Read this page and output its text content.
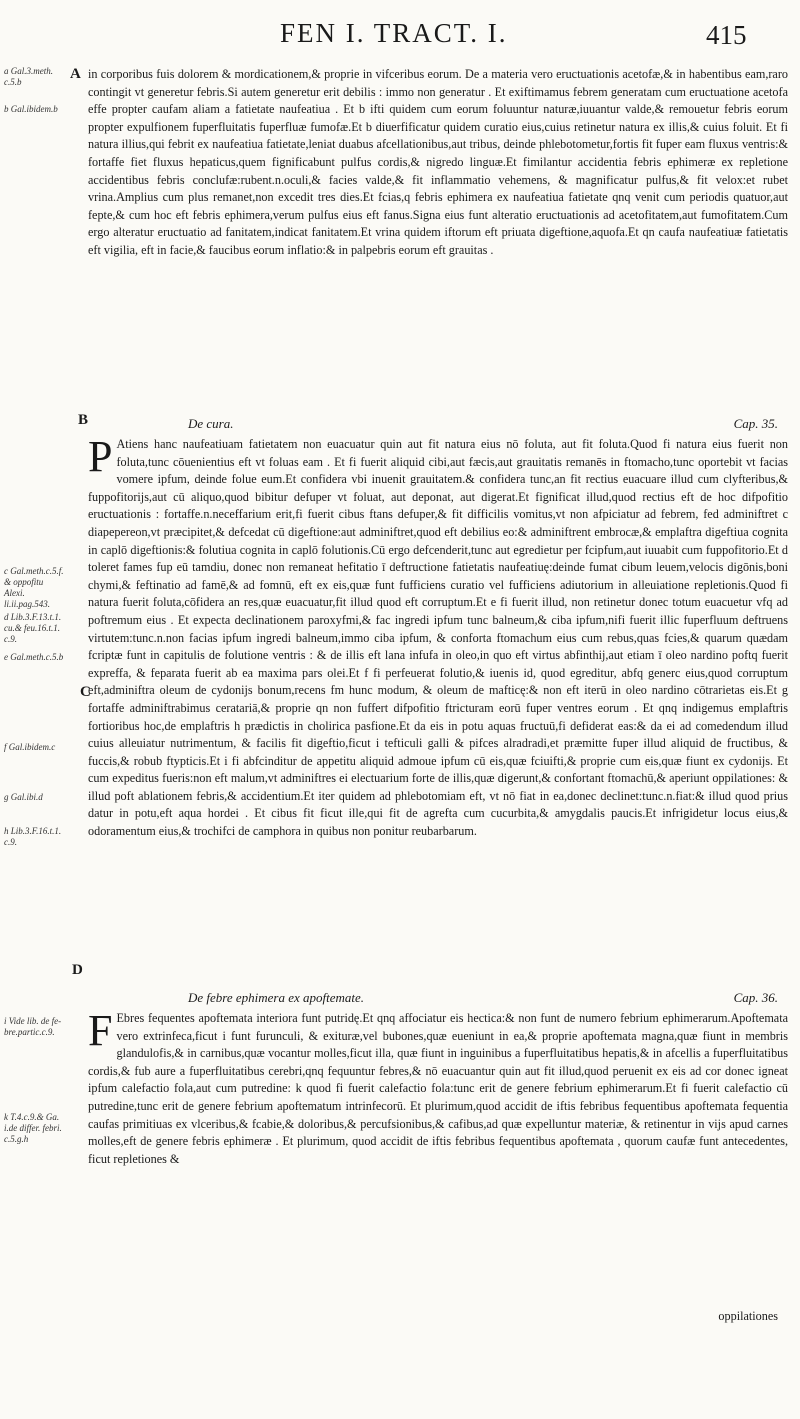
FEN I. TRACT. I.	415
a Gal.3.meth. c.5.b
b Gal.ibidem.b
c Gal.meth.c.5.f. & oppofitu Alexi. li.ii.pag.543.
d Lib.3.F.13.t.1. cu.& feu.16.t.1. c.9.
e Gal.meth.c.5.b
f Gal.ibidem.c
g Gal.ibi.d
h Lib.3.F.16.t.1. c.9.
i Vide lib. de fe- bre.partic.c.9.
k T.4.c.9.& Ga. i.de differ. febri. c.5.g.h
A
B
C
D
in corporibus fuis dolorem & mordicationem,& proprie in vifceribus eorum. De a materia vero eructuationis acetofæ,& in habentibus eam,raro contingit vt generetur febris.Si autem generetur erit debilis : immo non generatur . Et exiftimamus febrem generatam cum eructuatione acetofa effe propter caufam aliam a fatietate naufeatiua . Et b ifti quidem cum eorum foluuntur naturæ,iuuantur valde,& remouetur febris eorum propter expulfionem fuperfluitatis fuperfluæ fumofæ.Et b diuerfificatur quidem curatio eius,cuius retinetur natura ex illis,& cuius foluit. Et fi natura illius,qui febrit ex naufeatiua fatietate,leniat duabus afcellationibus,aut tribus, deinde phlebotometur,fortis fit fuper eam fluxus ventris:& fortaffe fiet fluxus hepaticus,quem fignificabunt pulfus cordis,& nigredo linguæ.Et fimilantur accidentia febris ephimeræ ex repletione accidentibus febris conclufæ:rubent.n.oculi,& facies valde,& fit inflammatio vehemens, & magnificatur pulfus,& fit velox:et rubet vrina.Amplius cum plus remanet,non excedit tres dies.Et fcias,q febris ephimera ex naufeatiua fatietate qnq venit cum periodis quatuor,aut fepte,& cum hoc eft febris ephimera,verum pulfus eius eft fanus.Signa eius funt alteratio eructuationis ad acetofitatem,aut fumofitatem.Cum ergo alteratur eructuatio ad fanitatem,indicat fanitatem.Et vrina quidem iftorum eft priuata digeftione,aquofa.Et qn caufa naufeatiuæ fatietatis eft vigilia, eft in facie,& faucibus eorum inflatio:& in palpebris eorum eft grauitas .
De cura.	Cap. 35.
P Atiens hanc naufeatiuam fatietatem non euacuatur quin aut fit natura eius nō foluta, aut fit foluta.Quod fi natura eius fuerit non foluta,tunc cōuenientius eft vt foluas eam . Et fi fuerit aliquid cibi,aut fæcis,aut grauitatis remanēs in ftomacho,tunc oportebit vt facias vomere ipfum, deinde folue eum.Et confidera vbi inuenit grauitatem.& confidera tunc,an fit rectius euacuare illud cum clyfteribus,& fuppofitorijs,aut cū aliquo,quod bibitur defuper vt foluat, aut deponat, aut digerat.Et fignificat illud,quod rectius eft de hoc difpofitio eructuationis : fortaffe.n.neceffarium erit,fi fuerit cibus ftans defuper,& fit difficilis vomitus,vt non afpiciatur ad febrem, fed adminiftret c diapepereon,vt præcipitet,& defcedat cū digeftione:aut adminiftret,quod eft debilius eo:& adminiftrent embrocæ,& emplaftra digeftiua cognita in caplō digeftionis:& folutiua cognita in caplō folutionis.Cū ergo defcenderit,tunc aut egredietur per fcipfum,aut iuuabit cum fuppofitorio.Et d toleret fames fup eū tamdiu, donec non remaneat hefitatio ī deftructione fatietatis naufeatiuę:deinde fumat cibum leuem,velocis digōnis,boni chymi,& feftinatio ad famē,& ad fomnū, eft ex eis,quæ funt fufficiens curatio vel fufficiens adiutorium in alleuiatione repletionis.Quod fi natura fuerit foluta,cōfidera an res,quæ euacuatur,fit illud quod eft corruptum.Et e fi fuerit illud, non retinetur donec totum euacuetur vfq ad poftremum eius . Et expecta declinationem paroxyfmi,& fac ingredi ipfum tunc balneum,& ciba ipfum,nifi fuerit illic fuperfluum deftruens virtutem:tunc.n.non facias ipfum ingredi balneum,immo ciba ipfum, & conforta ftomachum eius cum rebus,quas fcies,& quarum quædam fcriptæ funt in capitulis de folutione ventris : & de illis eft lana infufa in oleo,in quo eft virtus abfinthij,aut etiam ī oleo nardino poftq fuerit expreffa, & feparata fuerit ab ea maxima pars olei.Et f fi perfeuerat folutio,& iuenis id, quod egreditur, abfq generc eius,quod corruptum eft,adminiftra oleum de cydonijs bonum,recens fm hunc modum, & oleum de mafticę:& non eft iterū in oleo nardino cōtrarietas eis.Et g fortaffe adminiftrabimus ceratariā,& proprie qn non fuffert difpofitio ftricturam eorū fuper ventres eorum . Et qnq indigemus emplaftris fortioribus hoc,de emplaftris h prædictis in cholirica pasfione.Et da eis in potu aquas fructuū,fi defiderat eas:& da ei ad comedendum illud cuius alleuiatur nutrimentum, & facilis fit digeftio,ficut i tefticuli galli & pifces alradradi,et præmitte fuper illud aliquid de fructibus, & fuccis,& robub ftypticis.Et i fi abfcinditur de appetitu aliquid admoue ipfum cū eis,quæ fciuifti,& proprie cum eis,quæ fiunt ex cydonijs. Et cum expeditus fueris:non eft malum,vt adminiftres ei electuarium forte de illis,quæ digerunt,& confortant ftomachū,& aperiunt oppilationes: & illud poft ablationem febris,& accidentium.Et iter quidem ad phlebotomiam eft, vt nō fiat in ea,donec declinet:tunc.n.fiat:& illud quod prius datur in potu,eft aqua hordei . Et cibus fit ficut ille,qui fit de agrefta cum cucurbita,& amygdalis paucis.Et infrigidetur locus eius,& odoramentum eius,& trochifci de camphora in quibus non ponitur reubarbarum.
De febre ephimera ex apoftemate.	Cap. 36.
F Ebres fequentes apoftemata interiora funt putridę.Et qnq affociatur eis hectica:& non funt de numero febrium ephimerarum.Apoftemata vero extrinfeca,ficut i funt furunculi, & exituræ,vel bubones,quæ eueniunt in ea,& proprie apoftemata magna,quæ fiunt in membris glandulofis,& in carnibus,quæ vocantur molles,ficut illa, quæ fiunt in inguinibus a fuperfluitatibus hepatis,& in afcellis a fuperfluitatibus cordis,& fub aure a fuperfluitatibus cerebri,qnq fequuntur febres,& nō euacuantur quin aut fit illud,quod peruenit ex eis ad cor donec igneat ipfum calefactio fola,aut cum putredine: k quod fi fuerit calefactio fola:tunc erit de genere febrium ephimerarum.Et fi fuerit calefactio cū putredine,tunc erit de genere febrium apoftematum intrinfecorū. Et plurimum,quod accidit de iftis febribus fequentibus apoftemata fequentia caufas primitiuas ex vlceribus,& fcabie,& doloribus,& percufsionibus,& cafibus,ad quæ expelluntur materiæ, & retinentur in vijs apud carnes molles,eft de genere febris ephimeræ . Et plurimum, quod accidit de iftis febribus fequentibus apoftemata , quorum caufæ funt antecedentes, ficut repletiones &
oppilationes
